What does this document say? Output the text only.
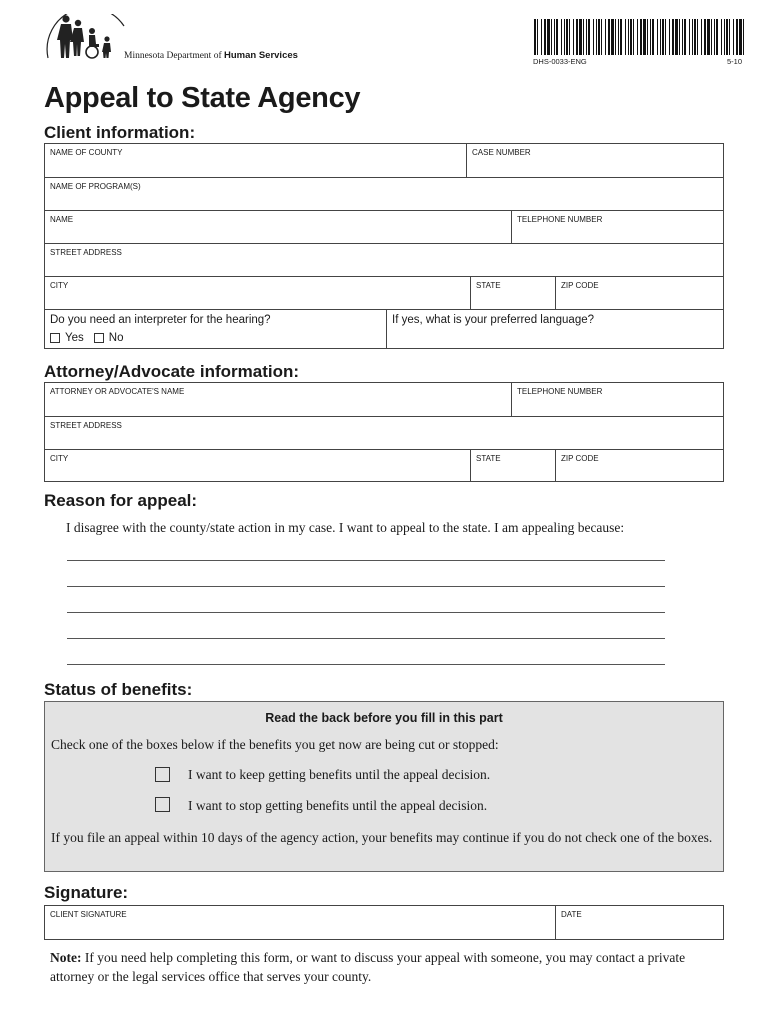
Minnesota Department of Human Services
DHS-0033-ENG	5-10
Appeal to State Agency
Client information:
NAME OF COUNTY	CASE NUMBER
NAME OF PROGRAM(S)
NAME	TELEPHONE NUMBER
STREET ADDRESS
CITY	STATE	ZIP CODE
Do you need an interpreter for the hearing?
Yes No
If yes, what is your preferred language?
Attorney/Advocate information:
ATTORNEY OR ADVOCATE'S NAME	TELEPHONE NUMBER
STREET ADDRESS
CITY	STATE	ZIP CODE
Reason for appeal:
I disagree with the county/state action in my case. I want to appeal to the state. I am appealing because:
Status of benefits:
Read the back before you fill in this part
Check one of the boxes below if the benefits you get now are being cut or stopped:
I want to keep getting benefits until the appeal decision.
I want to stop getting benefits until the appeal decision.
If you file an appeal within 10 days of the agency action, your benefits may continue if you do not check one of the boxes.
Signature:
CLIENT SIGNATURE	DATE
Note: If you need help completing this form, or want to discuss your appeal with someone, you may contact a private attorney or the legal services office that serves your county.
